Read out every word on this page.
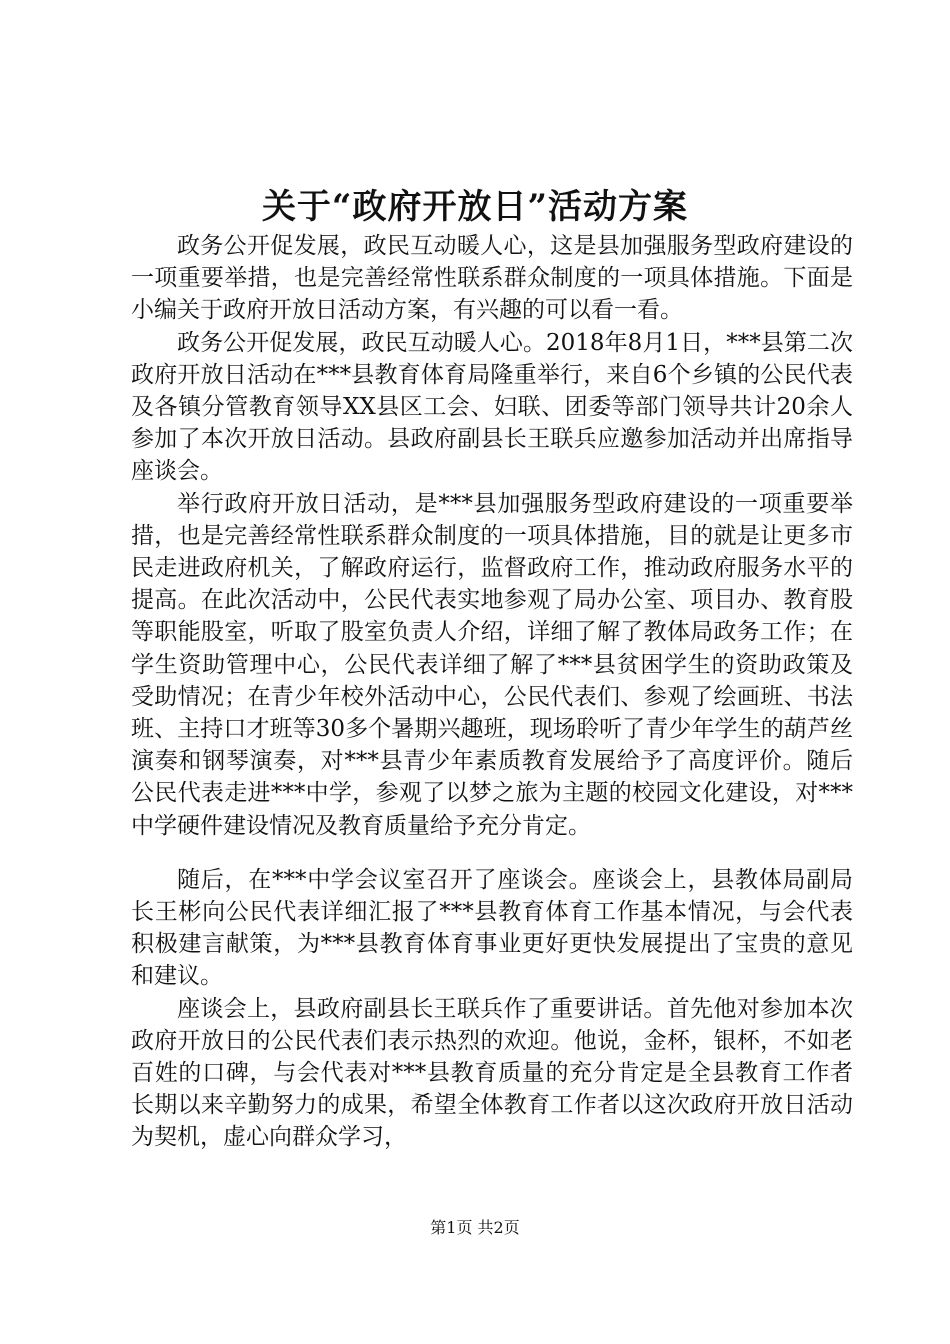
关于“政府开放日”活动方案

政务公开促发展，政民互动暖人心，这是县加强服务型政府建设的一项重要举措，也是完善经常性联系群众制度的一项具体措施。下面是小编关于政府开放日活动方案，有兴趣的可以看一看。

政务公开促发展，政民互动暖人心。2018年8月1日，***县第二次政府开放日活动在***县教育体育局隆重举行，来自6个乡镇的公民代表及各镇分管教育领导XX县区工会、妇联、团委等部门领导共计20余人参加了本次开放日活动。县政府副县长王联兵应邀参加活动并出席指导座谈会。

举行政府开放日活动，是***县加强服务型政府建设的一项重要举措，也是完善经常性联系群众制度的一项具体措施，目的就是让更多市民走进政府机关，了解政府运行，监督政府工作，推动政府服务水平的提高。在此次活动中，公民代表实地参观了局办公室、项目办、教育股等职能股室，听取了股室负责人介绍，详细了解了教体局政务工作；在学生资助管理中心，公民代表详细了解了***县贫困学生的资助政策及受助情况；在青少年校外活动中心，公民代表们、参观了绘画班、书法班、主持口才班等30多个暑期兴趣班，现场聆听了青少年学生的葫芦丝演奏和钢琴演奏，对***县青少年素质教育发展给予了高度评价。随后公民代表走进***中学，参观了以梦之旅为主题的校园文化建设，对***中学硬件建设情况及教育质量给予充分肯定。

随后，在***中学会议室召开了座谈会。座谈会上，县教体局副局长王彬向公民代表详细汇报了***县教育体育工作基本情况，与会代表积极建言献策，为***县教育体育事业更好更快发展提出了宝贵的意见和建议。

座谈会上，县政府副县长王联兵作了重要讲话。首先他对参加本次政府开放日的公民代表们表示热烈的欢迎。他说，金杯，银杯，不如老百姓的口碑，与会代表对***县教育质量的充分肯定是全县教育工作者长期以来辛勤努力的成果，希望全体教育工作者以这次政府开放日活动为契机，虚心向群众学习，

第1页 共2页
